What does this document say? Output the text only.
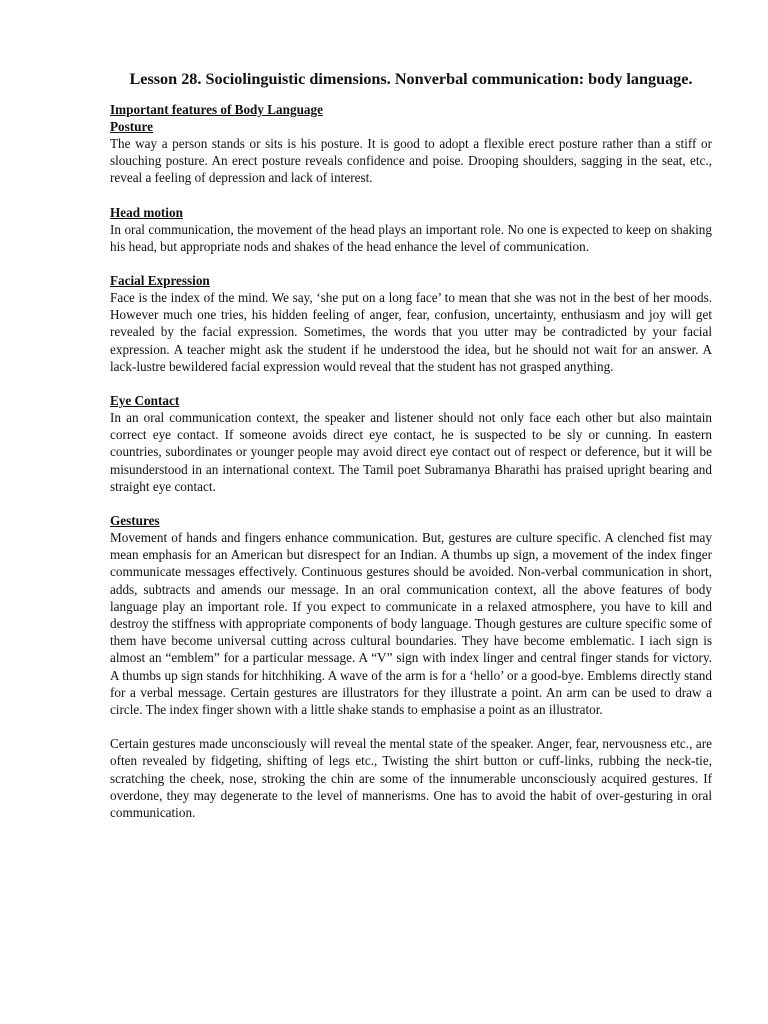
Lesson 28. Sociolinguistic dimensions. Nonverbal communication: body language.
Important features of Body Language
Posture

The way a person stands or sits is his posture. It is good to adopt a flexible erect posture rather than a stiff or slouching posture. An erect posture reveals confidence and poise. Drooping shoulders, sagging in the seat, etc., reveal a feeling of depression and lack of interest.

Head motion

In oral communication, the movement of the head plays an important role. No one is expected to keep on shaking his head, but appropriate nods and shakes of the head enhance the level of communication.

Facial Expression

Face is the index of the mind. We say, ‘she put on a long face’ to mean that she was not in the best of her moods. However much one tries, his hidden feeling of anger, fear, confusion, uncertainty, enthusiasm and joy will get revealed by the facial expression. Sometimes, the words that you utter may be contradicted by your facial expression. A teacher might ask the student if he understood the idea, but he should not wait for an answer. A lack-lustre bewildered facial expression would reveal that the student has not grasped anything.

Eye Contact

In an oral communication context, the speaker and listener should not only face each other but also maintain correct eye contact. If someone avoids direct eye contact, he is suspected to be sly or cunning. In eastern countries, subordinates or younger people may avoid direct eye contact out of respect or deference, but it will be misunderstood in an international context. The Tamil poet Subramanya Bharathi has praised upright bearing and straight eye contact.

Gestures

Movement of hands and fingers enhance communication. But, gestures are culture specific. A clenched fist may mean emphasis for an American but disrespect for an Indian. A thumbs up sign, a movement of the index finger communicate messages effectively. Continuous gestures should be avoided. Non-verbal communication in short, adds, subtracts and amends our message. In an oral communication context, all the above features of body language play an important role. If you expect to communicate in a relaxed atmosphere, you have to kill and destroy the stiffness with appropriate components of body language. Though gestures are culture specific some of them have become universal cutting across cultural boundaries. They have become emblematic. I iach sign is almost an “emblem” for a particular message. A “V” sign with index linger and central finger stands for victory. A thumbs up sign stands for hitchhiking. A wave of the arm is for a ‘hello’ or a good-bye. Emblems directly stand for a verbal message. Certain gestures are illustrators for they illustrate a point. An arm can be used to draw a circle. The index finger shown with a little shake stands to emphasise a point as an illustrator.

Certain gestures made unconsciously will reveal the mental state of the speaker. Anger, fear, nervousness etc., are often revealed by fidgeting, shifting of legs etc., Twisting the shirt button or cuff-links, rubbing the neck-tie, scratching the cheek, nose, stroking the chin are some of the innumerable unconsciously acquired gestures. If overdone, they may degenerate to the level of mannerisms. One has to avoid the habit of over-gesturing in oral communication.
